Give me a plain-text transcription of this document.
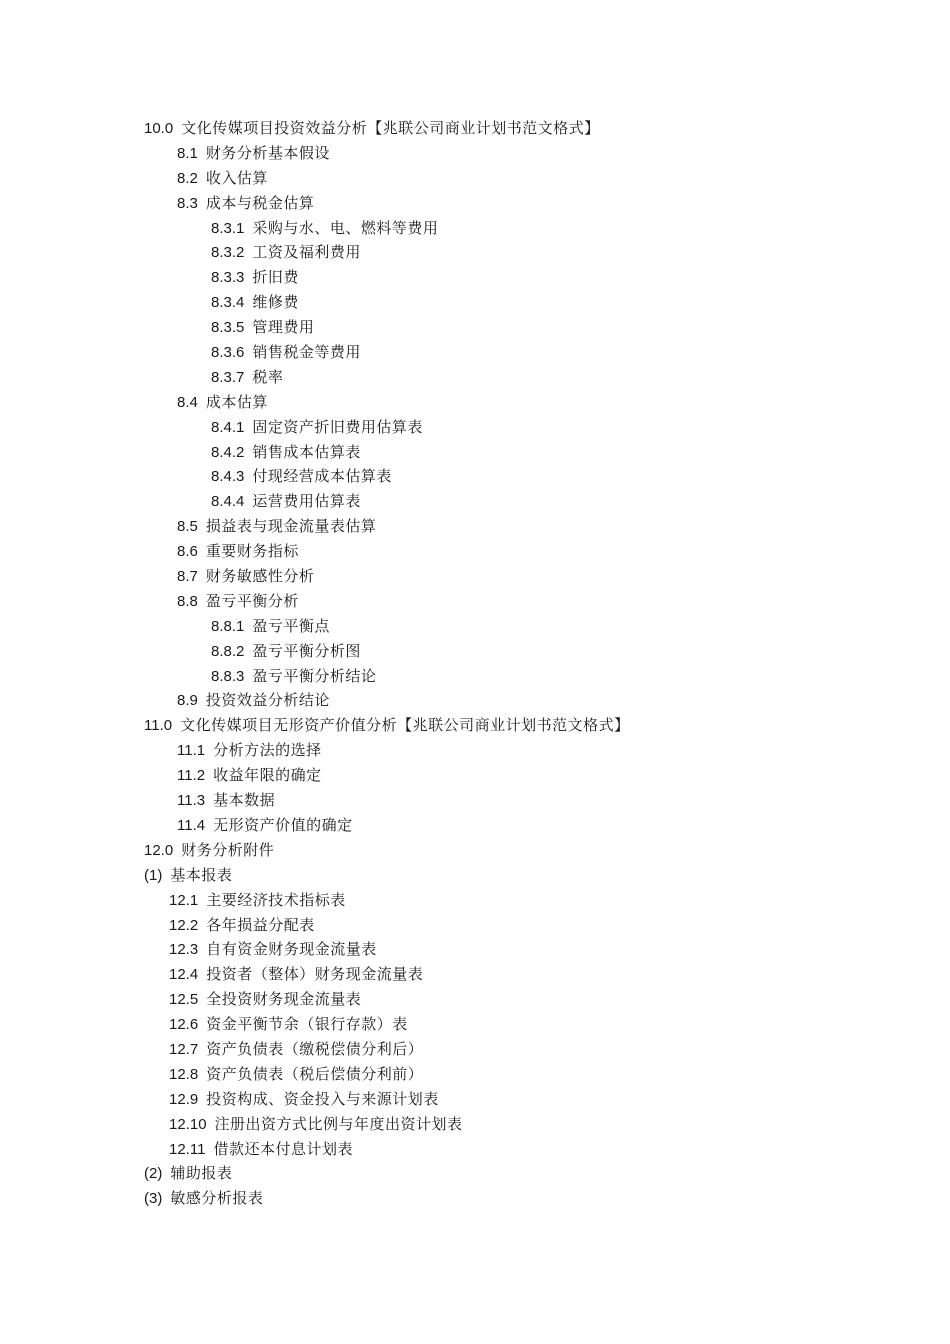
10.0 文化传媒项目投资效益分析【兆联公司商业计划书范文格式】
8.1 财务分析基本假设
8.2 收入估算
8.3 成本与税金估算
8.3.1 采购与水、电、燃料等费用
8.3.2 工资及福利费用
8.3.3 折旧费
8.3.4 维修费
8.3.5 管理费用
8.3.6 销售税金等费用
8.3.7 税率
8.4 成本估算
8.4.1 固定资产折旧费用估算表
8.4.2 销售成本估算表
8.4.3 付现经营成本估算表
8.4.4 运营费用估算表
8.5 损益表与现金流量表估算
8.6 重要财务指标
8.7 财务敏感性分析
8.8 盈亏平衡分析
8.8.1 盈亏平衡点
8.8.2 盈亏平衡分析图
8.8.3 盈亏平衡分析结论
8.9 投资效益分析结论
11.0 文化传媒项目无形资产价值分析【兆联公司商业计划书范文格式】
11.1 分析方法的选择
11.2 收益年限的确定
11.3 基本数据
11.4 无形资产价值的确定
12.0 财务分析附件
(1) 基本报表
12.1 主要经济技术指标表
12.2 各年损益分配表
12.3 自有资金财务现金流量表
12.4 投资者（整体）财务现金流量表
12.5 全投资财务现金流量表
12.6 资金平衡节余（银行存款）表
12.7 资产负债表（缴税偿债分利后）
12.8 资产负债表（税后偿债分利前）
12.9 投资构成、资金投入与来源计划表
12.10 注册出资方式比例与年度出资计划表
12.11 借款还本付息计划表
(2) 辅助报表
(3) 敏感分析报表
